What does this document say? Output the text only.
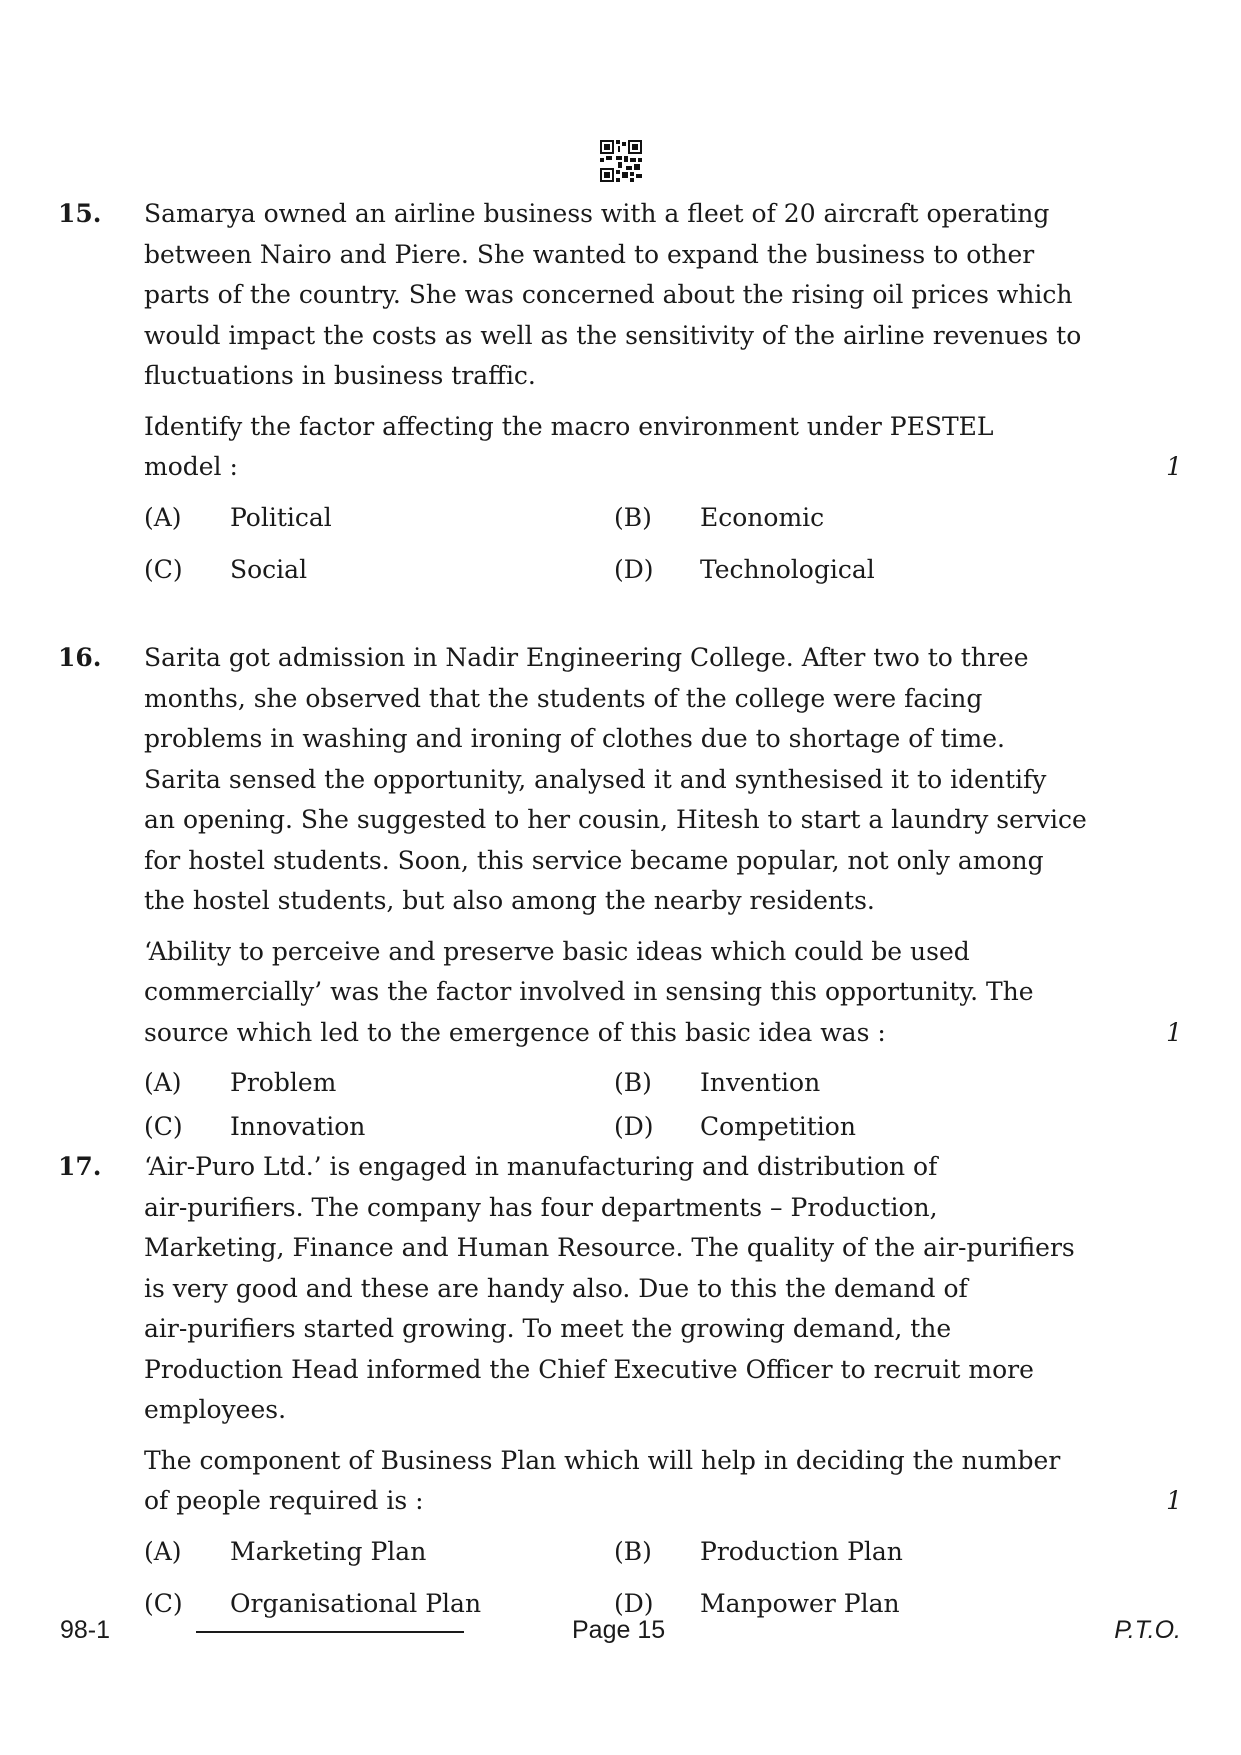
15. Samarya owned an airline business with a fleet of 20 aircraft operating
between Nairo and Piere. She wanted to expand the business to other
parts of the country. She was concerned about the rising oil prices which
would impact the costs as well as the sensitivity of the airline revenues to
fluctuations in business traffic.

Identify the factor affecting the macro environment under PESTEL
model :	1
(A)	Political	(B)	Economic
(C)	Social	(D)	Technological
16. Sarita got admission in Nadir Engineering College. After two to three
months, she observed that the students of the college were facing
problems in washing and ironing of clothes due to shortage of time.
Sarita sensed the opportunity, analysed it and synthesised it to identify
an opening. She suggested to her cousin, Hitesh to start a laundry service
for hostel students. Soon, this service became popular, not only among
the hostel students, but also among the nearby residents.

‘Ability to perceive and preserve basic ideas which could be used
commercially’ was the factor involved in sensing this opportunity. The
source which led to the emergence of this basic idea was :	1
(A)	Problem	(B)	Invention
(C)	Innovation	(D)	Competition
17. ‘Air-Puro Ltd.’ is engaged in manufacturing and distribution of
air-purifiers. The company has four departments – Production,
Marketing, Finance and Human Resource. The quality of the air-purifiers
is very good and these are handy also. Due to this the demand of
air-purifiers started growing. To meet the growing demand, the
Production Head informed the Chief Executive Officer to recruit more
employees.

The component of Business Plan which will help in deciding the number
of people required is :	1
(A)	Marketing Plan	(B)	Production Plan
(C)	Organisational Plan	(D)	Manpower Plan
98-1	Page 15	P.T.O.
